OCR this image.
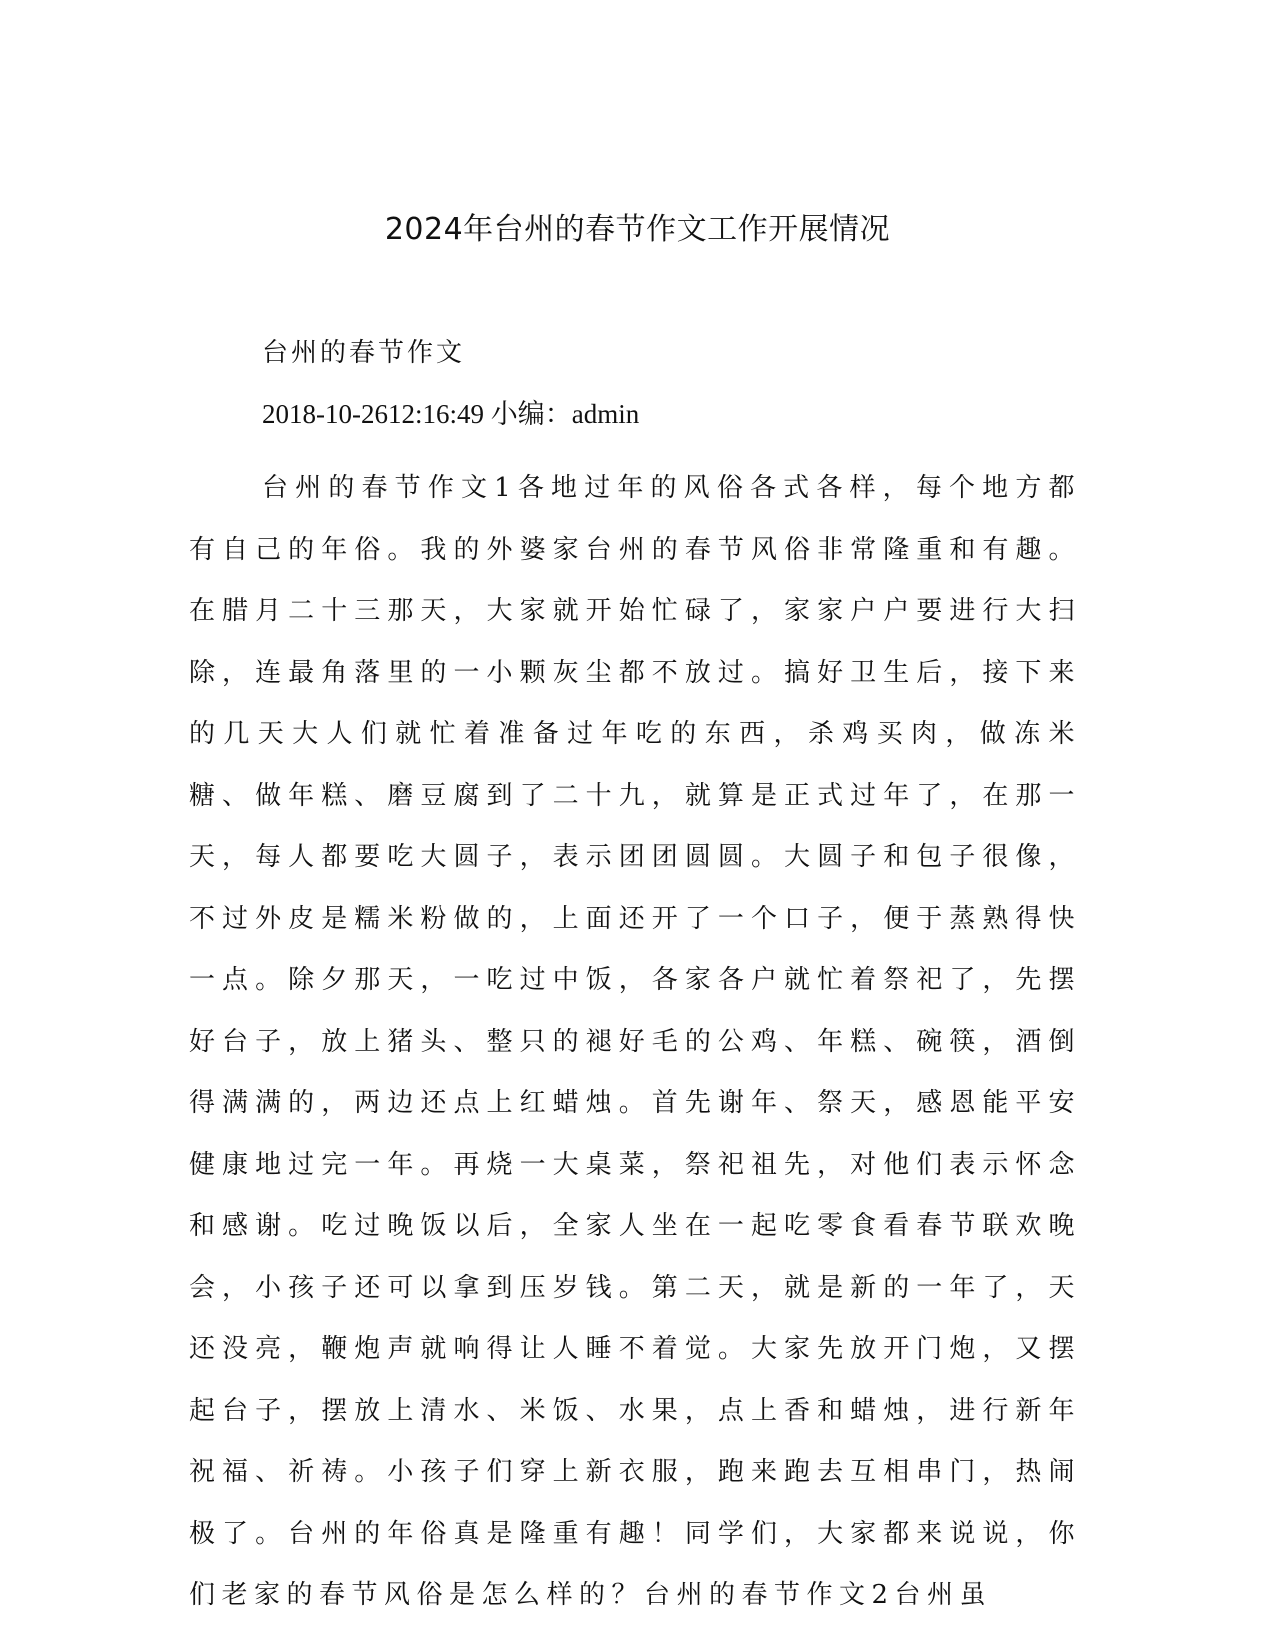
2024年台州的春节作文工作开展情况

台州的春节作文

2018-10-2612:16:49 小编：admin

台州的春节作文1各地过年的风俗各式各样，每个地方都有自己的年俗。我的外婆家台州的春节风俗非常隆重和有趣。在腊月二十三那天，大家就开始忙碌了，家家户户要进行大扫除，连最角落里的一小颗灰尘都不放过。搞好卫生后，接下来的几天大人们就忙着准备过年吃的东西，杀鸡买肉，做冻米糖、做年糕、磨豆腐到了二十九，就算是正式过年了，在那一天，每人都要吃大圆子，表示团团圆圆。大圆子和包子很像，不过外皮是糯米粉做的，上面还开了一个口子，便于蒸熟得快一点。除夕那天，一吃过中饭，各家各户就忙着祭祀了，先摆好台子，放上猪头、整只的褪好毛的公鸡、年糕、碗筷，酒倒得满满的，两边还点上红蜡烛。首先谢年、祭天，感恩能平安健康地过完一年。再烧一大桌菜，祭祀祖先，对他们表示怀念和感谢。吃过晚饭以后，全家人坐在一起吃零食看春节联欢晚会，小孩子还可以拿到压岁钱。第二天，就是新的一年了，天还没亮，鞭炮声就响得让人睡不着觉。大家先放开门炮，又摆起台子，摆放上清水、米饭、水果，点上香和蜡烛，进行新年祝福、祈祷。小孩子们穿上新衣服，跑来跑去互相串门，热闹极了。台州的年俗真是隆重有趣！同学们，大家都来说说，你们老家的春节风俗是怎么样的？台州的春节作文2台州虽
